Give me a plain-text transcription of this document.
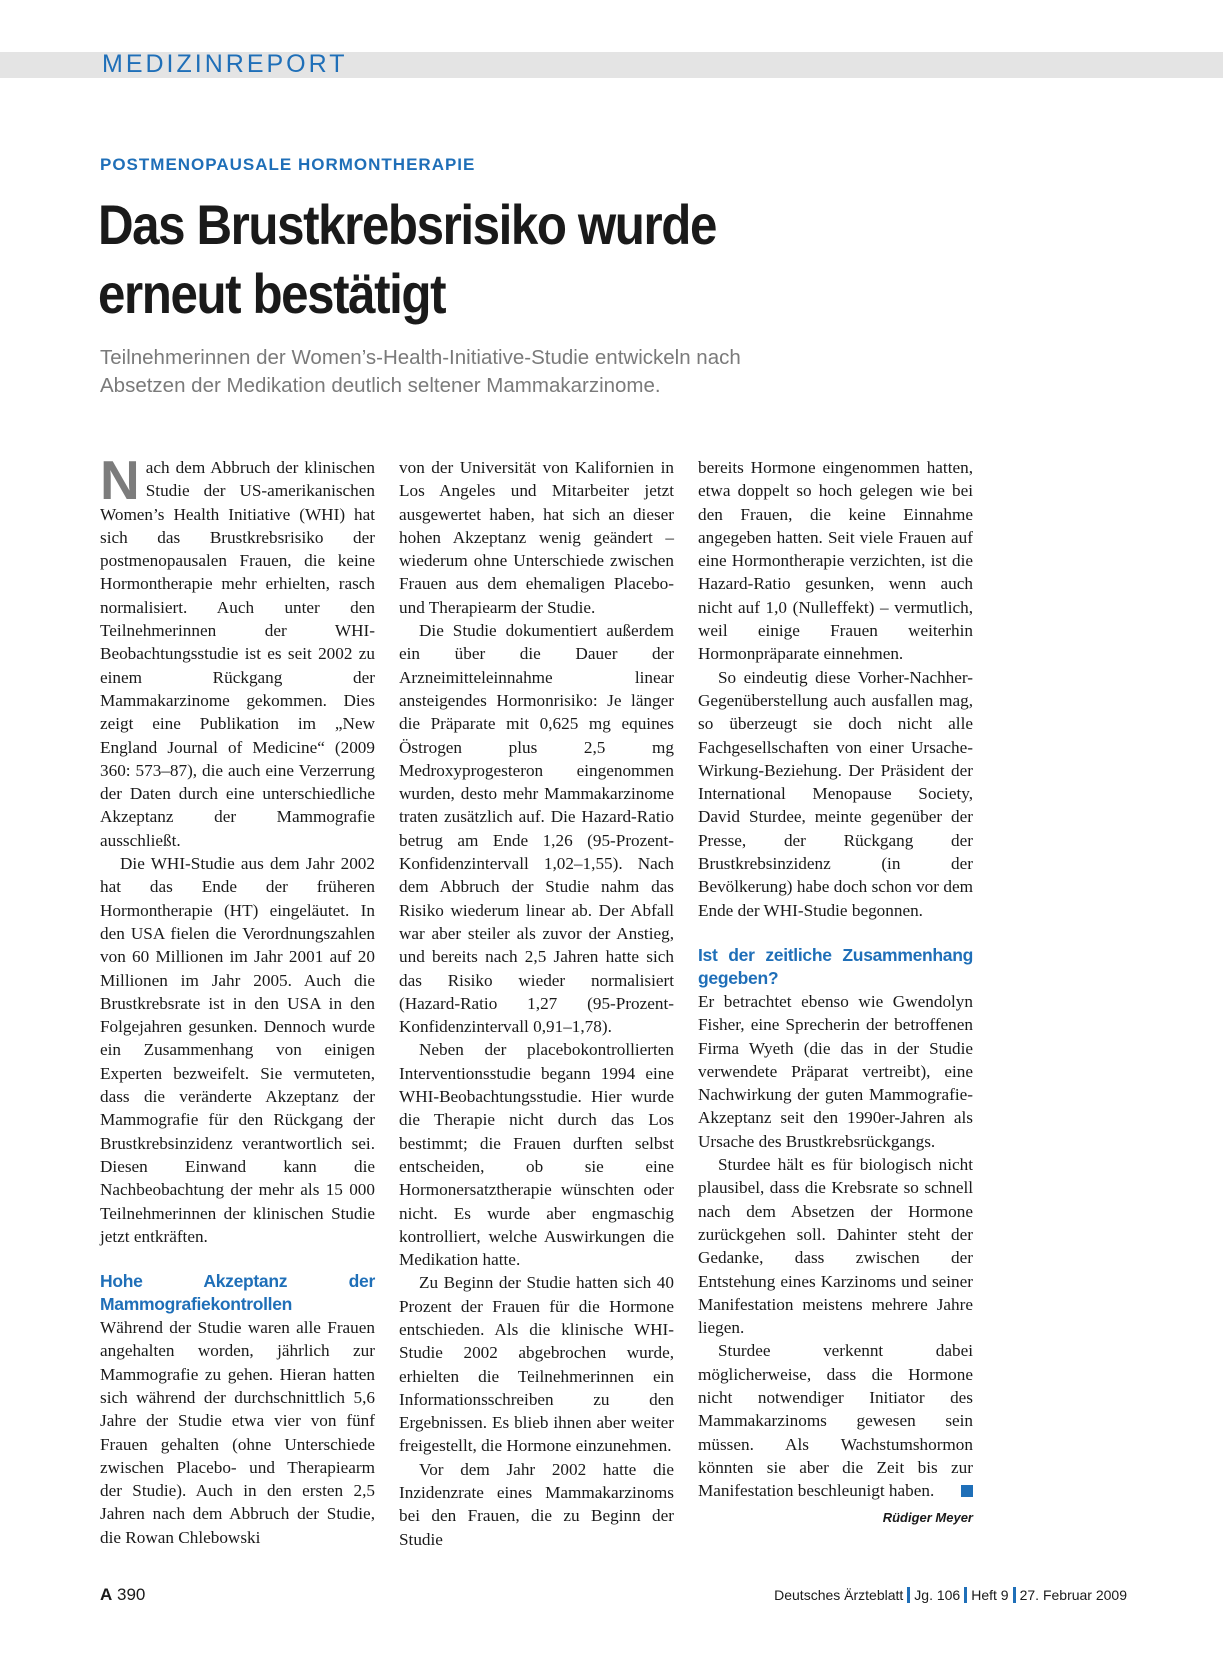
MEDIZINREPORT
POSTMENOPAUSALE HORMONTHERAPIE
Das Brustkrebsrisiko wurde erneut bestätigt

Teilnehmerinnen der Women’s-Health-Initiative-Studie entwickeln nach Absetzen der Medikation deutlich seltener Mammakarzinome.

Nach dem Abbruch der klinischen Studie der US-amerikanischen Women’s Health Initiative (WHI) hat sich das Brustkrebsrisiko der postmenopausalen Frauen, die keine Hormontherapie mehr erhielten, rasch normalisiert. Auch unter den Teilnehmerinnen der WHI-Beobachtungsstudie ist es seit 2002 zu einem Rückgang der Mammakarzinome gekommen. Dies zeigt eine Publikation im „New England Journal of Medicine“ (2009 360: 573–87), die auch eine Verzerrung der Daten durch eine unterschiedliche Akzeptanz der Mammografie ausschließt.

Die WHI-Studie aus dem Jahr 2002 hat das Ende der früheren Hormontherapie (HT) eingeläutet. In den USA fielen die Verordnungszahlen von 60 Millionen im Jahr 2001 auf 20 Millionen im Jahr 2005. Auch die Brustkrebsrate ist in den USA in den Folgejahren gesunken. Dennoch wurde ein Zusammenhang von einigen Experten bezweifelt. Sie vermuteten, dass die veränderte Akzeptanz der Mammografie für den Rückgang der Brustkrebsinzidenz verantwortlich sei. Diesen Einwand kann die Nachbeobachtung der mehr als 15 000 Teilnehmerinnen der klinischen Studie jetzt entkräften.

Hohe Akzeptanz der Mammografiekontrollen

Während der Studie waren alle Frauen angehalten worden, jährlich zur Mammografie zu gehen. Hieran hatten sich während der durchschnittlich 5,6 Jahre der Studie etwa vier von fünf Frauen gehalten (ohne Unterschiede zwischen Placebo- und Therapiearm der Studie). Auch in den ersten 2,5 Jahren nach dem Abbruch der Studie, die Rowan Chlebowski

von der Universität von Kalifornien in Los Angeles und Mitarbeiter jetzt ausgewertet haben, hat sich an dieser hohen Akzeptanz wenig geändert – wiederum ohne Unterschiede zwischen Frauen aus dem ehemaligen Placebo- und Therapiearm der Studie.

Die Studie dokumentiert außerdem ein über die Dauer der Arzneimitteleinnahme linear ansteigendes Hormonrisiko: Je länger die Präparate mit 0,625 mg equines Östrogen plus 2,5 mg Medroxyprogesteron eingenommen wurden, desto mehr Mammakarzinome traten zusätzlich auf. Die Hazard-Ratio betrug am Ende 1,26 (95-Prozent-Konfidenzintervall 1,02–1,55). Nach dem Abbruch der Studie nahm das Risiko wiederum linear ab. Der Abfall war aber steiler als zuvor der Anstieg, und bereits nach 2,5 Jahren hatte sich das Risiko wieder normalisiert (Hazard-Ratio 1,27 (95-Prozent-Konfidenzintervall 0,91–1,78).

Neben der placebokontrollierten Interventionsstudie begann 1994 eine WHI-Beobachtungsstudie. Hier wurde die Therapie nicht durch das Los bestimmt; die Frauen durften selbst entscheiden, ob sie eine Hormonersatztherapie wünschten oder nicht. Es wurde aber engmaschig kontrolliert, welche Auswirkungen die Medikation hatte.

Zu Beginn der Studie hatten sich 40 Prozent der Frauen für die Hormone entschieden. Als die klinische WHI-Studie 2002 abgebrochen wurde, erhielten die Teilnehmerinnen ein Informationsschreiben zu den Ergebnissen. Es blieb ihnen aber weiter freigestellt, die Hormone einzunehmen.

Vor dem Jahr 2002 hatte die Inzidenzrate eines Mammakarzinoms bei den Frauen, die zu Beginn der Studie

bereits Hormone eingenommen hatten, etwa doppelt so hoch gelegen wie bei den Frauen, die keine Einnahme angegeben hatten. Seit viele Frauen auf eine Hormontherapie verzichten, ist die Hazard-Ratio gesunken, wenn auch nicht auf 1,0 (Nulleffekt) – vermutlich, weil einige Frauen weiterhin Hormonpräparate einnehmen.

So eindeutig diese Vorher-Nachher-Gegenüberstellung auch ausfallen mag, so überzeugt sie doch nicht alle Fachgesellschaften von einer Ursache-Wirkung-Beziehung. Der Präsident der International Menopause Society, David Sturdee, meinte gegenüber der Presse, der Rückgang der Brustkrebsinzidenz (in der Bevölkerung) habe doch schon vor dem Ende der WHI-Studie begonnen.

Ist der zeitliche Zusammenhang gegeben?

Er betrachtet ebenso wie Gwendolyn Fisher, eine Sprecherin der betroffenen Firma Wyeth (die das in der Studie verwendete Präparat vertreibt), eine Nachwirkung der guten Mammografie-Akzeptanz seit den 1990er-Jahren als Ursache des Brustkrebsrückgangs.

Sturdee hält es für biologisch nicht plausibel, dass die Krebsrate so schnell nach dem Absetzen der Hormone zurückgehen soll. Dahinter steht der Gedanke, dass zwischen der Entstehung eines Karzinoms und seiner Manifestation meistens mehrere Jahre liegen.

Sturdee verkennt dabei möglicherweise, dass die Hormone nicht notwendiger Initiator des Mammakarzinoms gewesen sein müssen. Als Wachstumshormon könnten sie aber die Zeit bis zur Manifestation beschleunigt haben.

Rüdiger Meyer
A 390	Deutsches Ärzteblatt Jg. 106 Heft 9 27. Februar 2009
